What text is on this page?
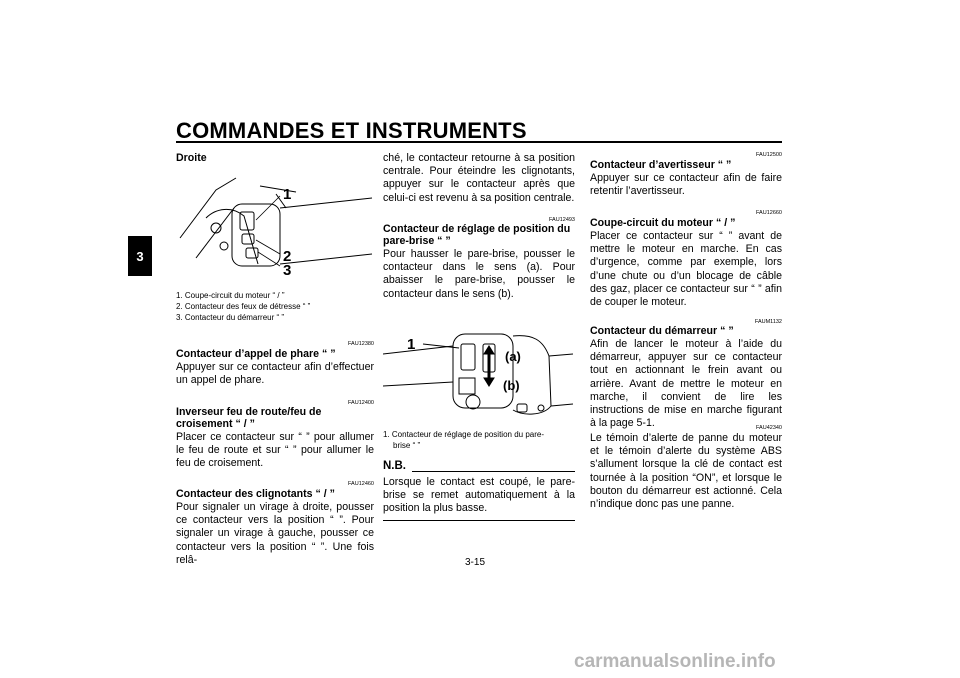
COMMANDES ET INSTRUMENTS
3
Droite
1
2
3
1. Coupe-circuit du moteur “ / ”
2. Contacteur des feux de détresse “ ”
3. Contacteur du démarreur “ ”
FAU12380
Contacteur d’appel de phare “ ”
Appuyer sur ce contacteur afin d’effectuer un appel de phare.
FAU12400
Inverseur feu de route/feu de
croisement “ / ”
Placer ce contacteur sur “ ” pour allumer le feu de route et sur “ ” pour allumer le feu de croisement.
FAU12460
Contacteur des clignotants “ / ”
Pour signaler un virage à droite, pousser ce contacteur vers la position “ ”. Pour signaler un virage à gauche, pousser ce contacteur vers la position “ ”. Une fois relâ-
ché, le contacteur retourne à sa position centrale. Pour éteindre les clignotants, appuyer sur le contacteur après que celui-ci est revenu à sa position centrale.
FAU12493
Contacteur de réglage de position du
pare-brise “ ”
Pour hausser le pare-brise, pousser le contacteur dans le sens (a). Pour abaisser le pare-brise, pousser le contacteur dans le sens (b).
1
(a)
(b)
1. Contacteur de réglage de position du pare-
brise “ ”
N.B.
Lorsque le contact est coupé, le pare-brise se remet automatiquement à la position la plus basse.
FAU12500
Contacteur d’avertisseur “ ”
Appuyer sur ce contacteur afin de faire retentir l’avertisseur.
FAU12660
Coupe-circuit du moteur “ / ”
Placer ce contacteur sur “ ” avant de mettre le moteur en marche. En cas d’urgence, comme par exemple, lors d’une chute ou d’un blocage de câble des gaz, placer ce contacteur sur “ ” afin de couper le moteur.
FAUM1132
Contacteur du démarreur “ ”
Afin de lancer le moteur à l’aide du démarreur, appuyer sur ce contacteur tout en actionnant le frein avant ou arrière. Avant de mettre le moteur en marche, il convient de lire les instructions de mise en marche figurant à la page 5-1.	FAU42340
Le témoin d’alerte de panne du moteur et le témoin d’alerte du système ABS s’allument lorsque la clé de contact est tournée à la position “ON”, et lorsque le bouton du démarreur est actionné. Cela n’indique donc pas une panne.
3-15
carmanualsonline.info
